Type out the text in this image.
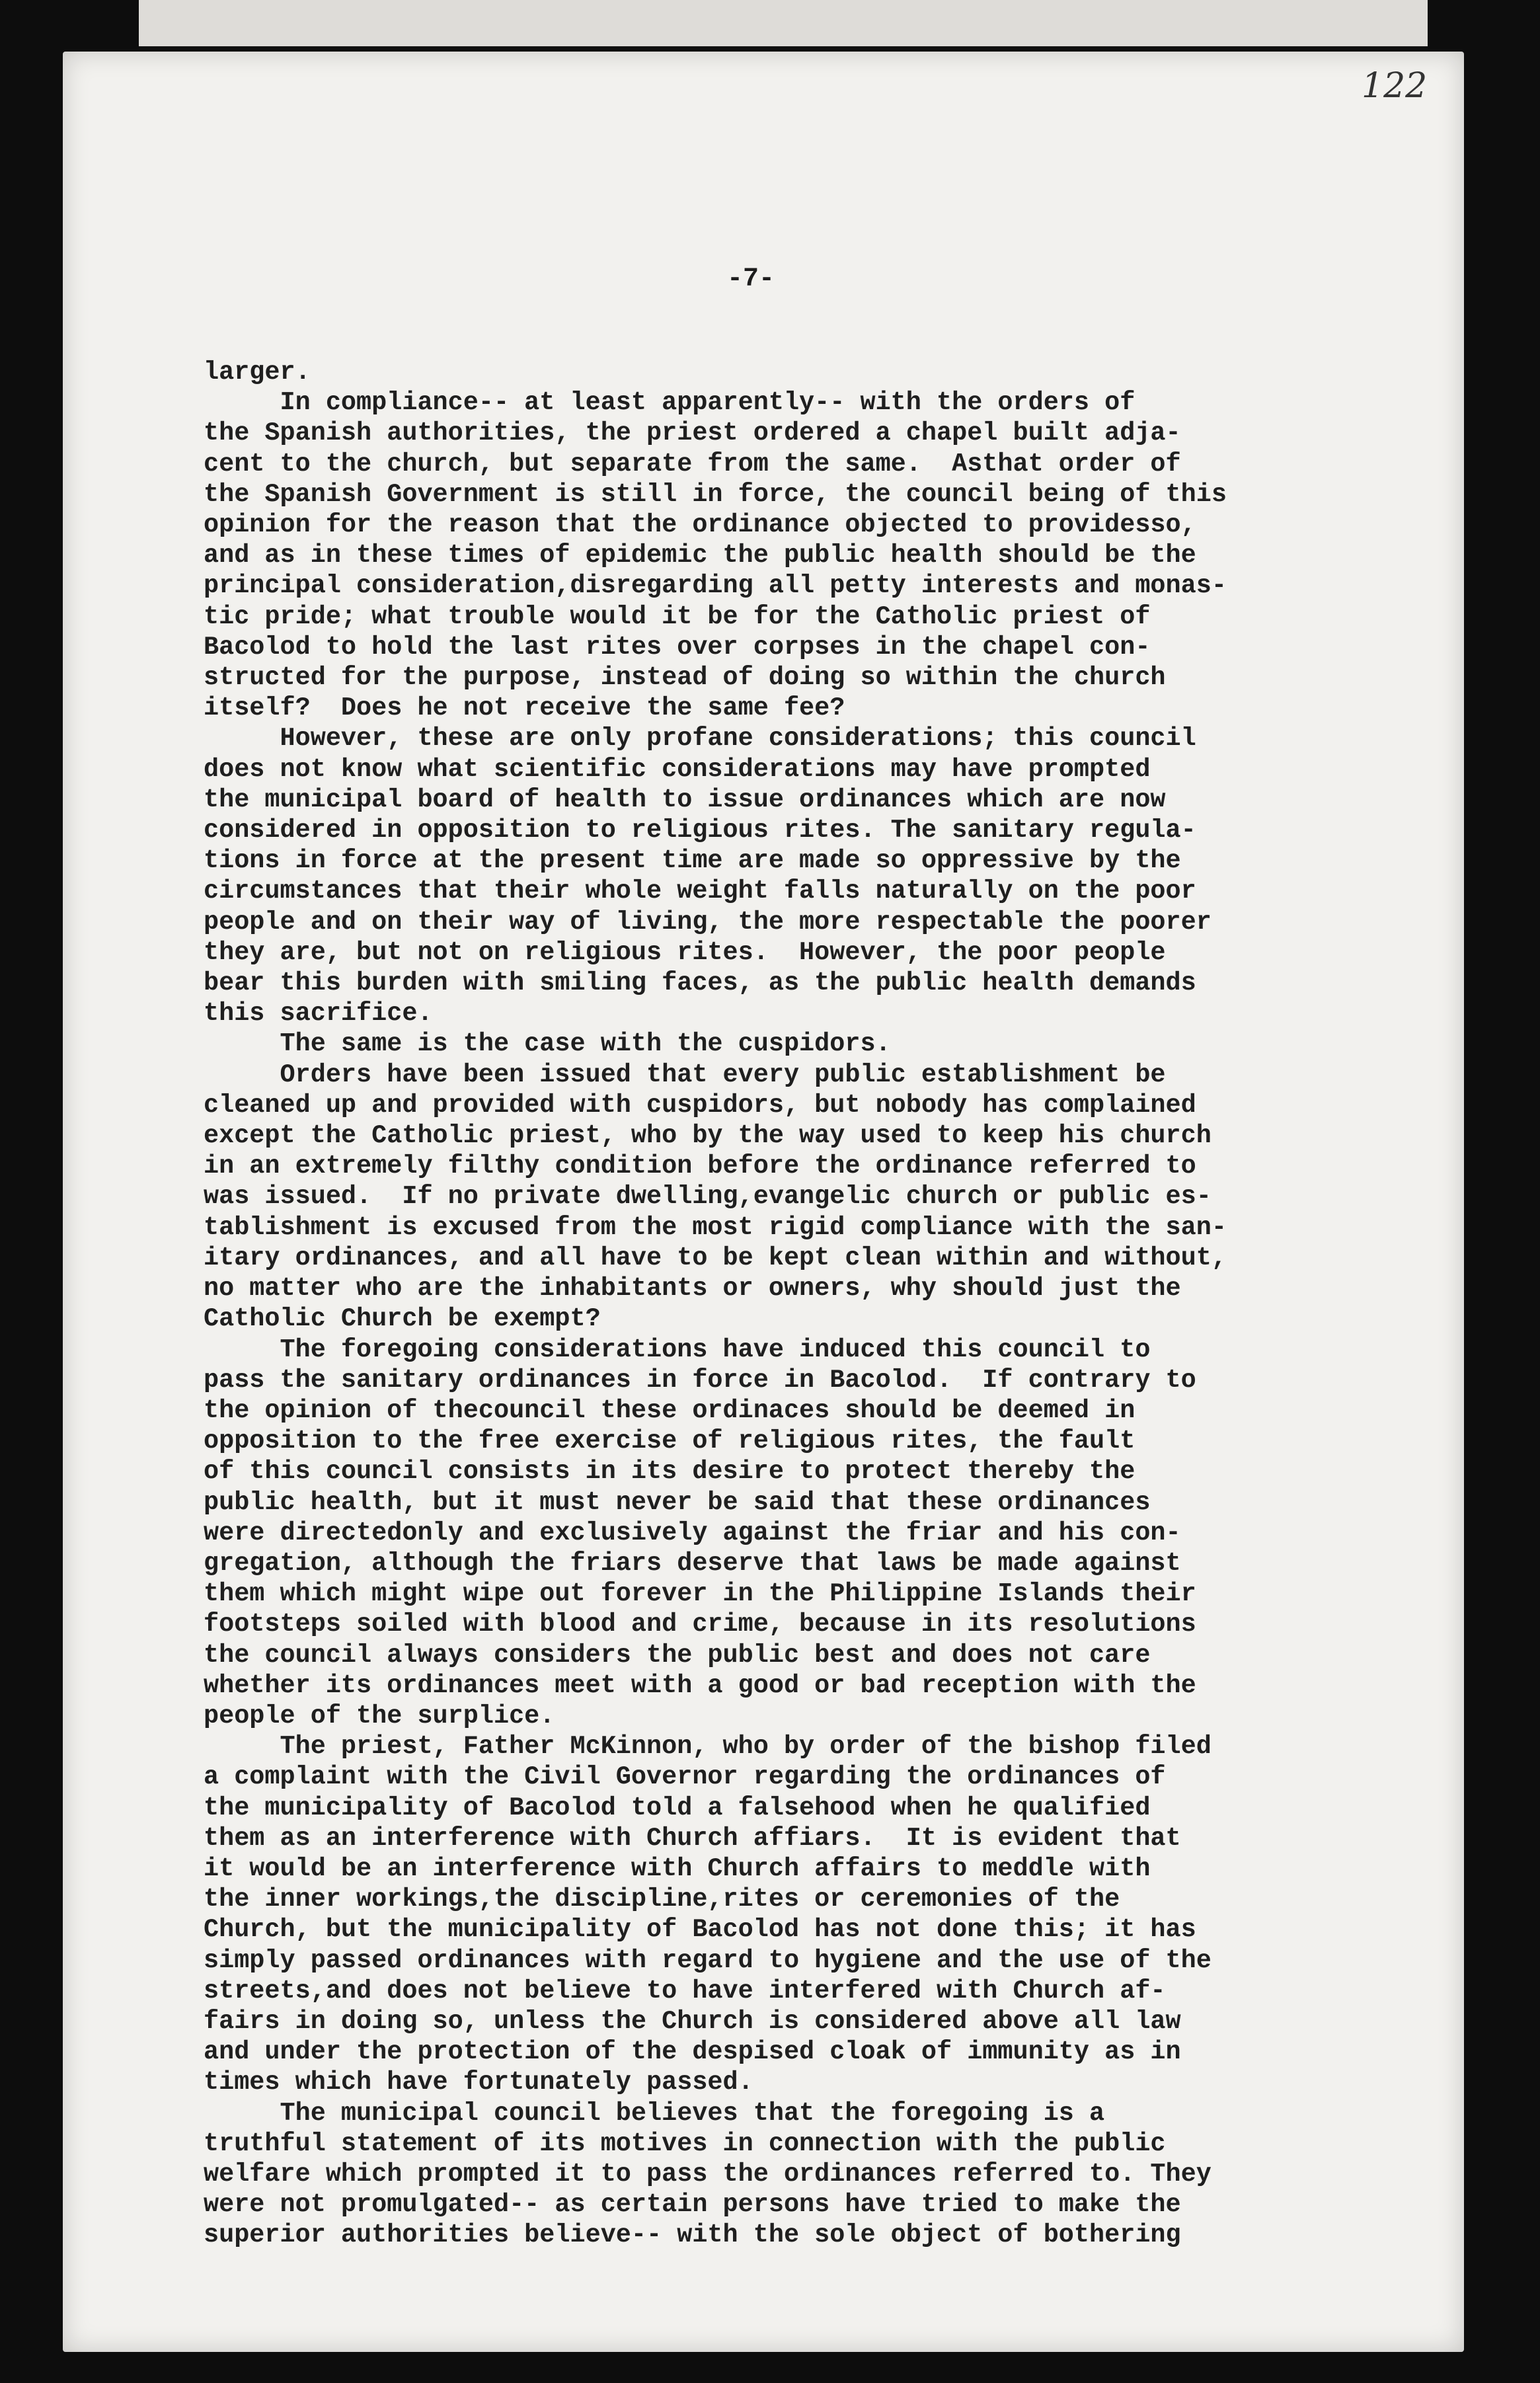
122
-7-
larger.
In compliance-- at least apparently-- with the orders of
the Spanish authorities, the priest ordered a chapel built adja-
cent to the church, but separate from the same.  Asthat order of
the Spanish Government is still in force, the council being of this
opinion for the reason that the ordinance objected to providesso,
and as in these times of epidemic the public health should be the
principal consideration,disregarding all petty interests and monas-
tic pride; what trouble would it be for the Catholic priest of
Bacolod to hold the last rites over corpses in the chapel con-
structed for the purpose, instead of doing so within the church
itself?  Does he not receive the same fee?
However, these are only profane considerations; this council
does not know what scientific considerations may have prompted
the municipal board of health to issue ordinances which are now
considered in opposition to religious rites. The sanitary regula-
tions in force at the present time are made so oppressive by the
circumstances that their whole weight falls naturally on the poor
people and on their way of living, the more respectable the poorer
they are, but not on religious rites.  However, the poor people
bear this burden with smiling faces, as the public health demands
this sacrifice.
The same is the case with the cuspidors.
Orders have been issued that every public establishment be
cleaned up and provided with cuspidors, but nobody has complained
except the Catholic priest, who by the way used to keep his church
in an extremely filthy condition before the ordinance referred to
was issued.  If no private dwelling,evangelic church or public es-
tablishment is excused from the most rigid compliance with the san-
itary ordinances, and all have to be kept clean within and without,
no matter who are the inhabitants or owners, why should just the
Catholic Church be exempt?
The foregoing considerations have induced this council to
pass the sanitary ordinances in force in Bacolod.  If contrary to
the opinion of thecouncil these ordinaces should be deemed in
opposition to the free exercise of religious rites, the fault
of this council consists in its desire to protect thereby the
public health, but it must never be said that these ordinances
were directedonly and exclusively against the friar and his con-
gregation, although the friars deserve that laws be made against
them which might wipe out forever in the Philippine Islands their
footsteps soiled with blood and crime, because in its resolutions
the council always considers the public best and does not care
whether its ordinances meet with a good or bad reception with the
people of the surplice.
The priest, Father McKinnon, who by order of the bishop filed
a complaint with the Civil Governor regarding the ordinances of
the municipality of Bacolod told a falsehood when he qualified
them as an interference with Church affiars.  It is evident that
it would be an interference with Church affairs to meddle with
the inner workings,the discipline,rites or ceremonies of the
Church, but the municipality of Bacolod has not done this; it has
simply passed ordinances with regard to hygiene and the use of the
streets,and does not believe to have interfered with Church af-
fairs in doing so, unless the Church is considered above all law
and under the protection of the despised cloak of immunity as in
times which have fortunately passed.
The municipal council believes that the foregoing is a
truthful statement of its motives in connection with the public
welfare which prompted it to pass the ordinances referred to. They
were not promulgated-- as certain persons have tried to make the
superior authorities believe-- with the sole object of bothering
